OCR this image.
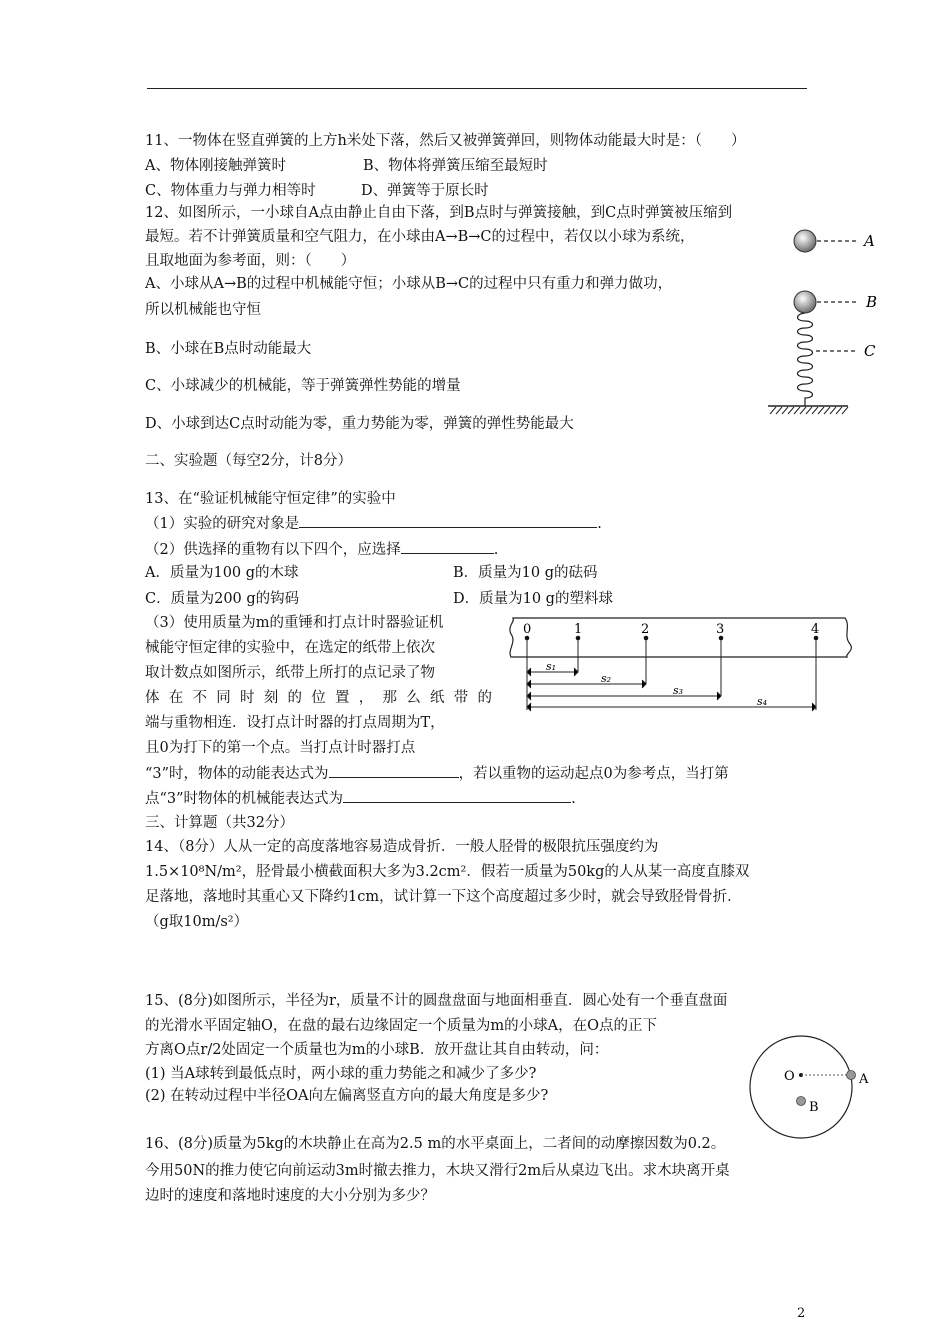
11、一物体在竖直弹簧的上方h米处下落，然后又被弹簧弹回，则物体动能最大时是：（　　）
A、物体刚接触弹簧时	B、物体将弹簧压缩至最短时
C、物体重力与弹力相等时	D、弹簧等于原长时
12、如图所示，一小球自A点由静止自由下落，到B点时与弹簧接触，到C点时弹簧被压缩到
最短。若不计弹簧质量和空气阻力，在小球由A→B→C的过程中，若仅以小球为系统，
且取地面为参考面，则：（　　）
A、小球从A→B的过程中机械能守恒；小球从B→C的过程中只有重力和弹力做功，
所以机械能也守恒
B、小球在B点时动能最大
C、小球减少的机械能，等于弹簧弹性势能的增量
D、小球到达C点时动能为零，重力势能为零，弹簧的弹性势能最大
A
B
C
二、实验题（每空2分，计8分）
13、在“验证机械能守恒定律”的实验中
（1）实验的研究对象是	.
（2）供选择的重物有以下四个，应选择	.
A．质量为100 g的木球	B．质量为10 g的砝码
C．质量为200 g的钩码	D．质量为10 g的塑料球
（3）使用质量为m的重锤和打点计时器验证机
械能守恒定律的实验中，在选定的纸带上依次
取计数点如图所示，纸带上所打的点记录了物
体在不同时刻的位置，那么纸带的
端与重物相连．设打点计时器的打点周期为T，
且0为打下的第一个点。当打点计时器打点
“3”时，物体的动能表达式为	，若以重物的运动起点0为参考点，当打第
点“3”时物体的机械能表达式为	.
0	1	2	3	4
s₁
s₂
s₃
s₄
三、计算题（共32分）
14、（8分）人从一定的高度落地容易造成骨折．一般人胫骨的极限抗压强度约为
1.5×10⁸N/m²，胫骨最小横截面积大多为3.2cm²．假若一质量为50kg的人从某一高度直膝双
足落地，落地时其重心又下降约1cm，试计算一下这个高度超过多少时，就会导致胫骨骨折．
（g取10m/s²）
15、(8分)如图所示，半径为r，质量不计的圆盘盘面与地面相垂直．圆心处有一个垂直盘面
的光滑水平固定轴O，在盘的最右边缘固定一个质量为m的小球A，在O点的正下
方离O点r/2处固定一个质量也为m的小球B．放开盘让其自由转动，问：
(1) 当A球转到最低点时，两小球的重力势能之和减少了多少?
(2) 在转动过程中半径OA向左偏离竖直方向的最大角度是多少?
O	A
B
16、(8分)质量为5kg的木块静止在高为2.5 m的水平桌面上，二者间的动摩擦因数为0.2。
今用50N的推力使它向前运动3m时撤去推力，木块又滑行2m后从桌边飞出。求木块离开桌
边时的速度和落地时速度的大小分别为多少？
2
